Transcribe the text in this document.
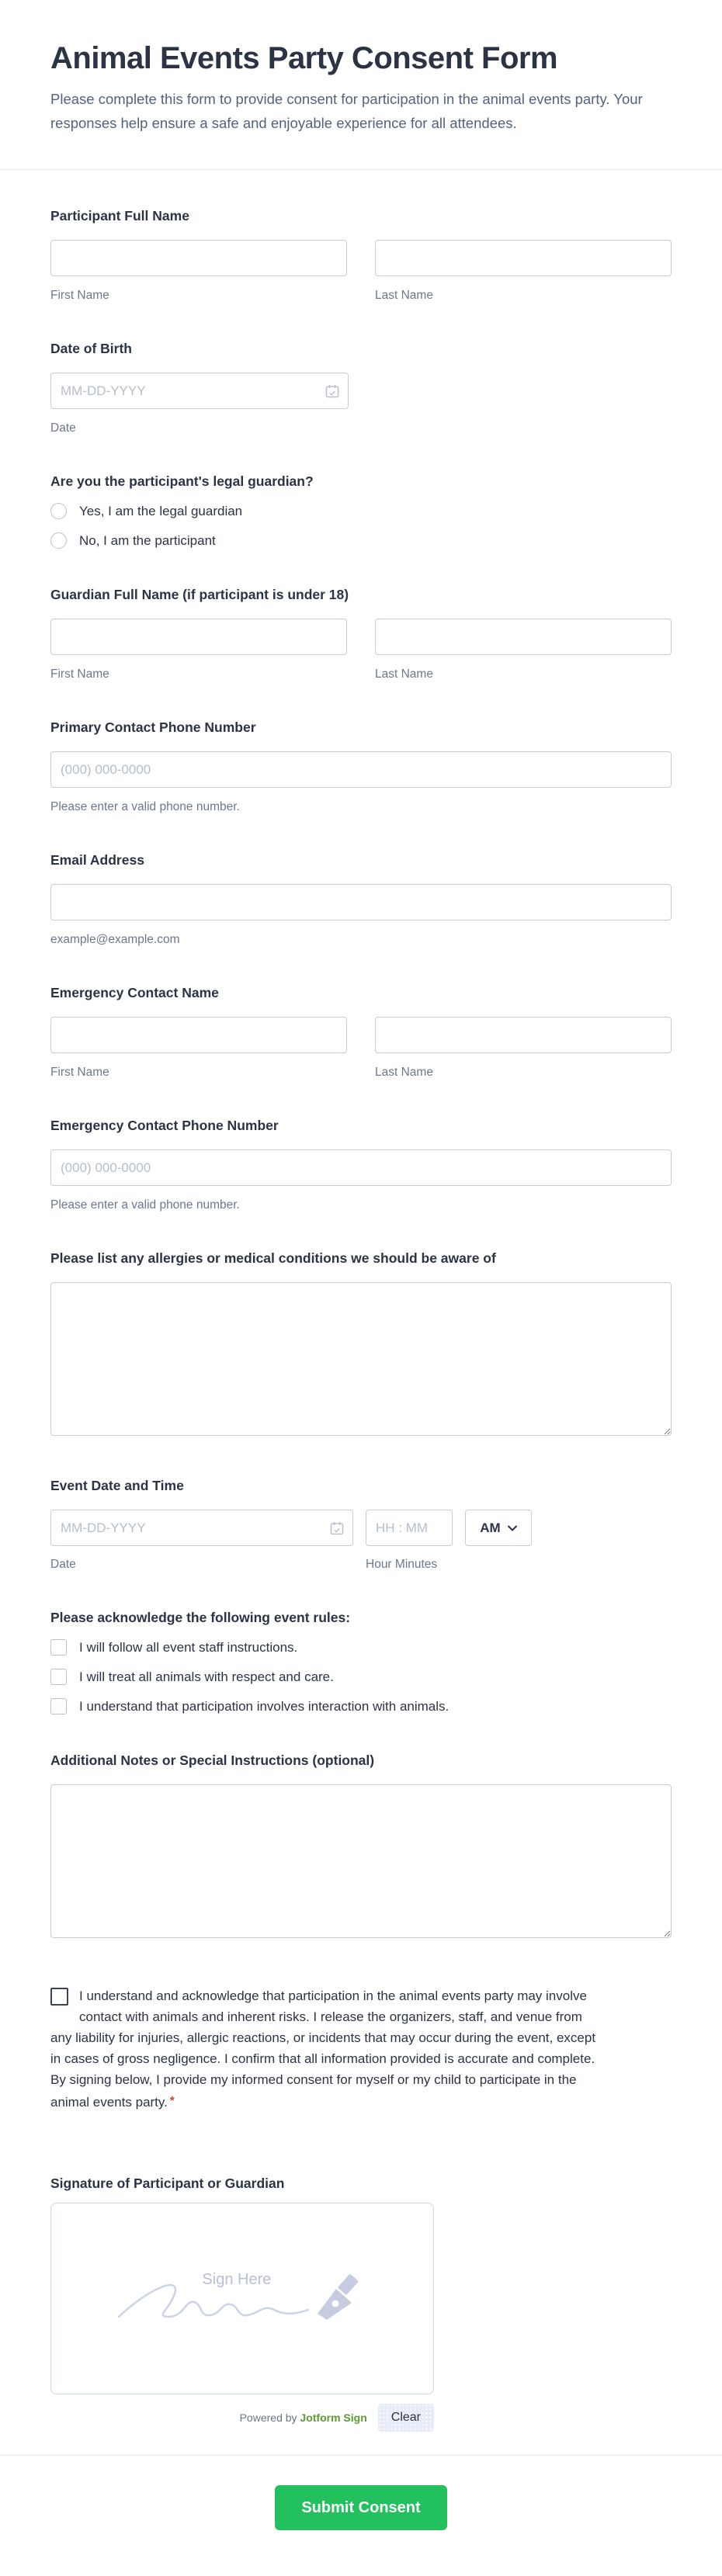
Animal Events Party Consent Form

Please complete this form to provide consent for participation in the animal events party. Your responses help ensure a safe and enjoyable experience for all attendees.

Participant Full Name
First Name	Last Name
Date of Birth
MM-DD-YYYY
Date
Are you the participant's legal guardian?
Yes, I am the legal guardian
No, I am the participant
Guardian Full Name (if participant is under 18)
First Name	Last Name
Primary Contact Phone Number
(000) 000-0000
Please enter a valid phone number.
Email Address
example@example.com
Emergency Contact Name
First Name	Last Name
Emergency Contact Phone Number
(000) 000-0000
Please enter a valid phone number.
Please list any allergies or medical conditions we should be aware of
Event Date and Time
MM-DD-YYYY
HH : MM
AM
Date	Hour Minutes
Please acknowledge the following event rules:
I will follow all event staff instructions.
I will treat all animals with respect and care.
I understand that participation involves interaction with animals.
Additional Notes or Special Instructions (optional)

I understand and acknowledge that participation in the animal events party may involve contact with animals and inherent risks. I release the organizers, staff, and venue from any liability for injuries, allergic reactions, or incidents that may occur during the event, except in cases of gross negligence. I confirm that all information provided is accurate and complete. By signing below, I provide my informed consent for myself or my child to participate in the animal events party. *

Signature of Participant or Guardian
Sign Here
Powered by Jotform Sign	Clear
Submit Consent
